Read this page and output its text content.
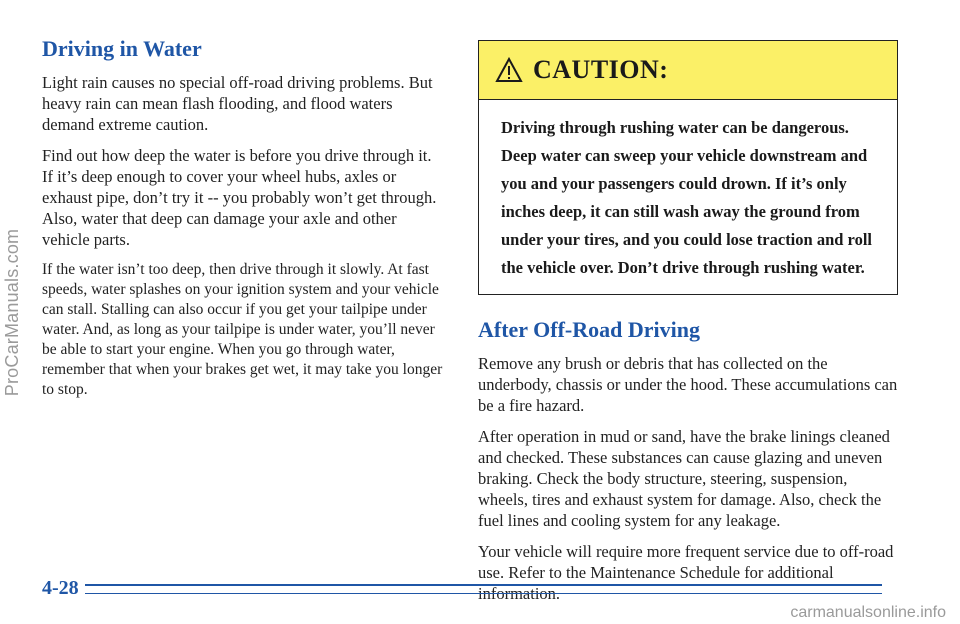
ProCarManuals.com
Driving in Water

Light rain causes no special off-road driving problems. But heavy rain can mean flash flooding, and flood waters demand extreme caution.

Find out how deep the water is before you drive through it. If it’s deep enough to cover your wheel hubs, axles or exhaust pipe, don’t try it -- you probably won’t get through. Also, water that deep can damage your axle and other vehicle parts.

If the water isn’t too deep, then drive through it slowly. At fast speeds, water splashes on your ignition system and your vehicle can stall. Stalling can also occur if you get your tailpipe under water. And, as long as your tailpipe is under water, you’ll never be able to start your engine. When you go through water, remember that when your brakes get wet, it may take you longer to stop.

CAUTION:
Driving through rushing water can be dangerous. Deep water can sweep your vehicle downstream and you and your passengers could drown. If it’s only inches deep, it can still wash away the ground from under your tires, and you could lose traction and roll the vehicle over. Don’t drive through rushing water.
After Off-Road Driving

Remove any brush or debris that has collected on the underbody, chassis or under the hood. These accumulations can be a fire hazard.

After operation in mud or sand, have the brake linings cleaned and checked. These substances can cause glazing and uneven braking. Check the body structure, steering, suspension, wheels, tires and exhaust system for damage. Also, check the fuel lines and cooling system for any leakage.

Your vehicle will require more frequent service due to off-road use. Refer to the Maintenance Schedule for additional information.

4-28
carmanualsonline.info
